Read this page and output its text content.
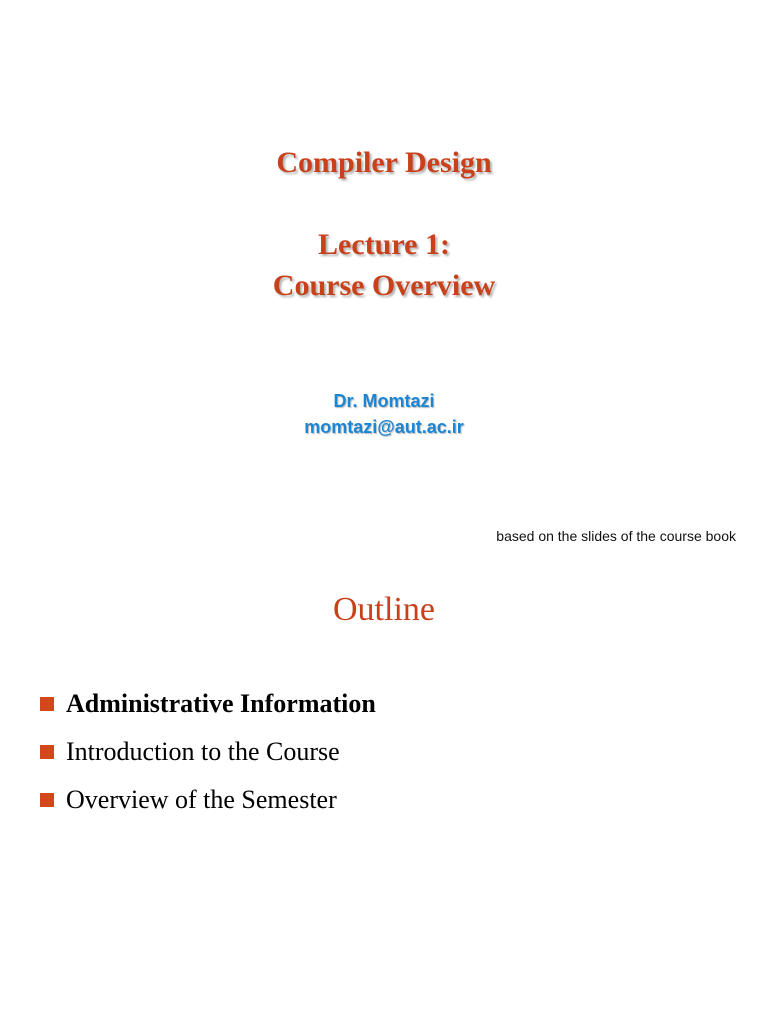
Compiler Design
Lecture 1:
Course Overview
Dr. Momtazi
momtazi@aut.ac.ir
based on the slides of the course book
Outline
Administrative Information
Introduction to the Course
Overview of the Semester
